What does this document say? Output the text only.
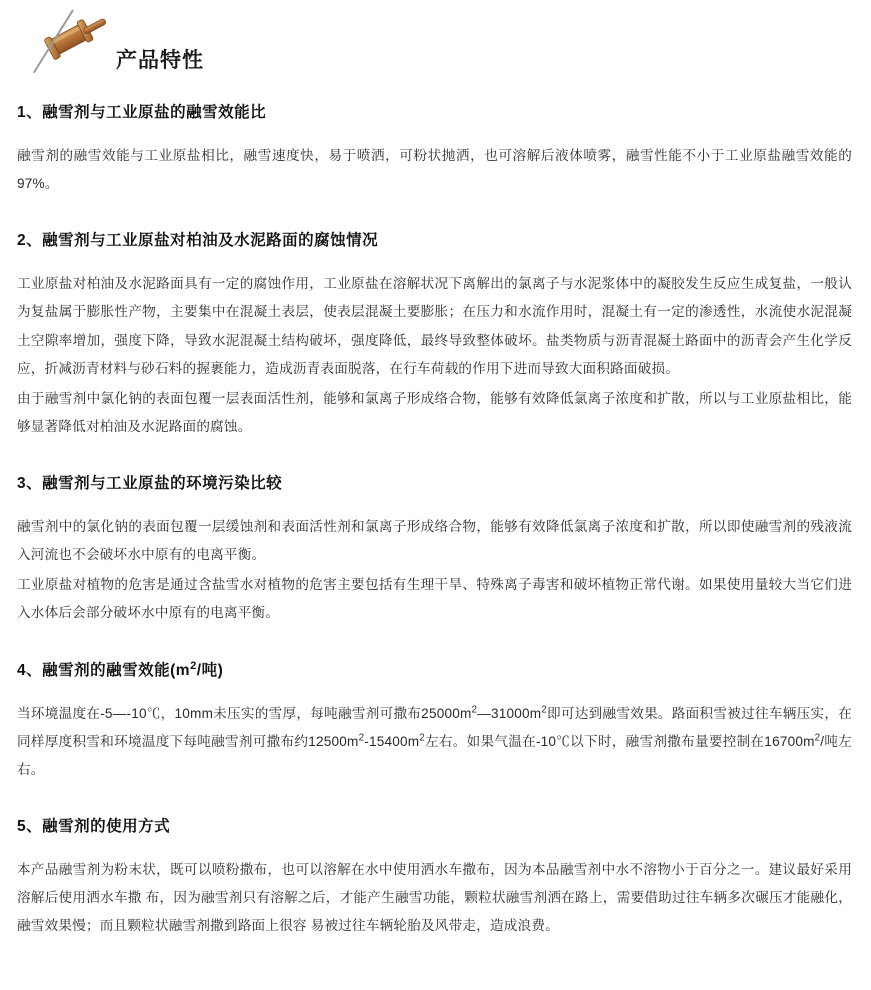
产品特性
1、融雪剂与工业原盐的融雪效能比

融雪剂的融雪效能与工业原盐相比，融雪速度快，易于喷洒，可粉状抛洒，也可溶解后液体喷雾，融雪性能不小于工业原盐融雪效能的97%。

2、融雪剂与工业原盐对柏油及水泥路面的腐蚀情况

工业原盐对柏油及水泥路面具有一定的腐蚀作用，工业原盐在溶解状况下离解出的氯离子与水泥浆体中的凝胶发生反应生成复盐，一般认为复盐属于膨胀性产物，主要集中在混凝土表层，使表层混凝土要膨胀；在压力和水流作用时，混凝土有一定的渗透性，水流使水泥混凝土空隙率增加，强度下降，导致水泥混凝土结构破坏，强度降低，最终导致整体破坏。盐类物质与沥青混凝土路面中的沥青会产生化学反应，折减沥青材料与砂石料的握裹能力，造成沥青表面脱落，在行车荷载的作用下进而导致大面积路面破损。

由于融雪剂中氯化钠的表面包覆一层表面活性剂，能够和氯离子形成络合物，能够有效降低氯离子浓度和扩散，所以与工业原盐相比，能够显著降低对柏油及水泥路面的腐蚀。

3、融雪剂与工业原盐的环境污染比较

融雪剂中的氯化钠的表面包覆一层缓蚀剂和表面活性剂和氯离子形成络合物，能够有效降低氯离子浓度和扩散，所以即使融雪剂的残液流入河流也不会破坏水中原有的电离平衡。

工业原盐对植物的危害是通过含盐雪水对植物的危害主要包括有生理干旱、特殊离子毒害和破坏植物正常代谢。如果使用量较大当它们进入水体后会部分破坏水中原有的电离平衡。

4、融雪剂的融雪效能($m^2/$吨)

当环境温度在-5—-10℃，10mm未压实的雪厚，每吨融雪剂可撒布$25000m^2—31000m^2$即可达到融雪效果。路面积雪被过往车辆压实，在同样厚度积雪和环境温度下每吨融雪剂可撒布约$12500m^2-15400m^2$左右。如果气温在-10℃以下时，融雪剂撒布量要控制在$16700m^2/$吨左右。

5、融雪剂的使用方式

本产品融雪剂为粉末状，既可以喷粉撒布，也可以溶解在水中使用洒水车撒布，因为本品融雪剂中水不溶物小于百分之一。建议最好采用溶解后使用洒水车撒 布，因为融雪剂只有溶解之后，才能产生融雪功能，颗粒状融雪剂洒在路上，需要借助过往车辆多次碾压才能融化，融雪效果慢；而且颗粒状融雪剂撒到路面上很容 易被过往车辆轮胎及风带走，造成浪费。
